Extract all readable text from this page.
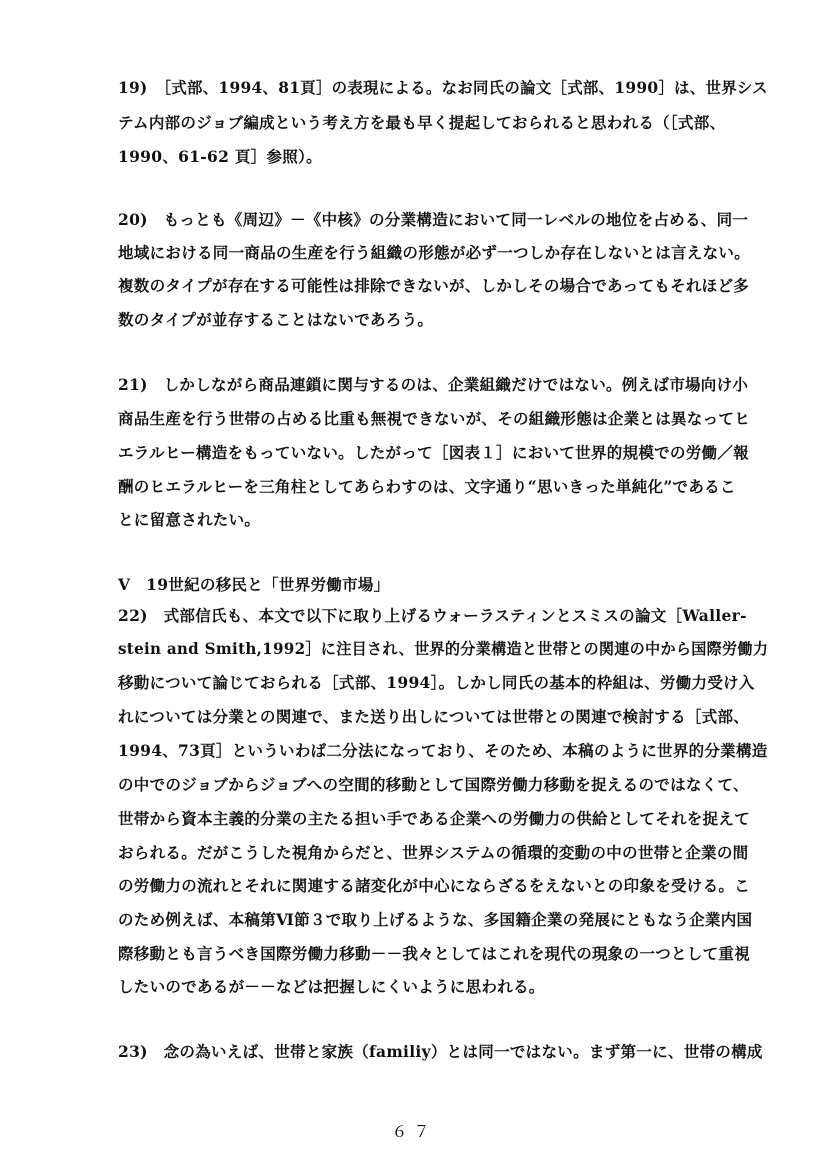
19)　［式部、1994、81頁］の表現による。なお同氏の論文［式部、1990］は、世界シス
テム内部のジョブ編成という考え方を最も早く提起しておられると思われる（［式部、
1990、61-62 頁］参照）。
20)　もっとも《周辺》－《中核》の分業構造において同一レベルの地位を占める、同一
地域における同一商品の生産を行う組織の形態が必ず一つしか存在しないとは言えない。
複数のタイプが存在する可能性は排除できないが、しかしその場合であってもそれほど多
数のタイプが並存することはないであろう。
21)　しかしながら商品連鎖に関与するのは、企業組織だけではない。例えば市場向け小
商品生産を行う世帯の占める比重も無視できないが、その組織形態は企業とは異なってヒ
エラルヒー構造をもっていない。したがって［図表１］において世界的規模での労働／報
酬のヒエラルヒーを三角柱としてあらわすのは、文字通り“思いきった単純化”であるこ
とに留意されたい。
Ⅴ　19世紀の移民と「世界労働市場」
22)　式部信氏も、本文で以下に取り上げるウォーラスティンとスミスの論文［Waller-
stein and Smith,1992］に注目され、世界的分業構造と世帯との関連の中から国際労働力
移動について論じておられる［式部、1994］。しかし同氏の基本的枠組は、労働力受け入
れについては分業との関連で、また送り出しについては世帯との関連で検討する［式部、
1994、73頁］といういわば二分法になっており、そのため、本稿のように世界的分業構造
の中でのジョブからジョブへの空間的移動として国際労働力移動を捉えるのではなくて、
世帯から資本主義的分業の主たる担い手である企業への労働力の供給としてそれを捉えて
おられる。だがこうした視角からだと、世界システムの循環的変動の中の世帯と企業の間
の労働力の流れとそれに関連する諸変化が中心にならざるをえないとの印象を受ける。こ
のため例えば、本稿第Ⅵ節３で取り上げるような、多国籍企業の発展にともなう企業内国
際移動とも言うべき国際労働力移動－－我々としてはこれを現代の現象の一つとして重視
したいのであるが－－などは把握しにくいように思われる。
23)　念の為いえば、世帯と家族（familiy）とは同一ではない。まず第一に、世帯の構成
６７
